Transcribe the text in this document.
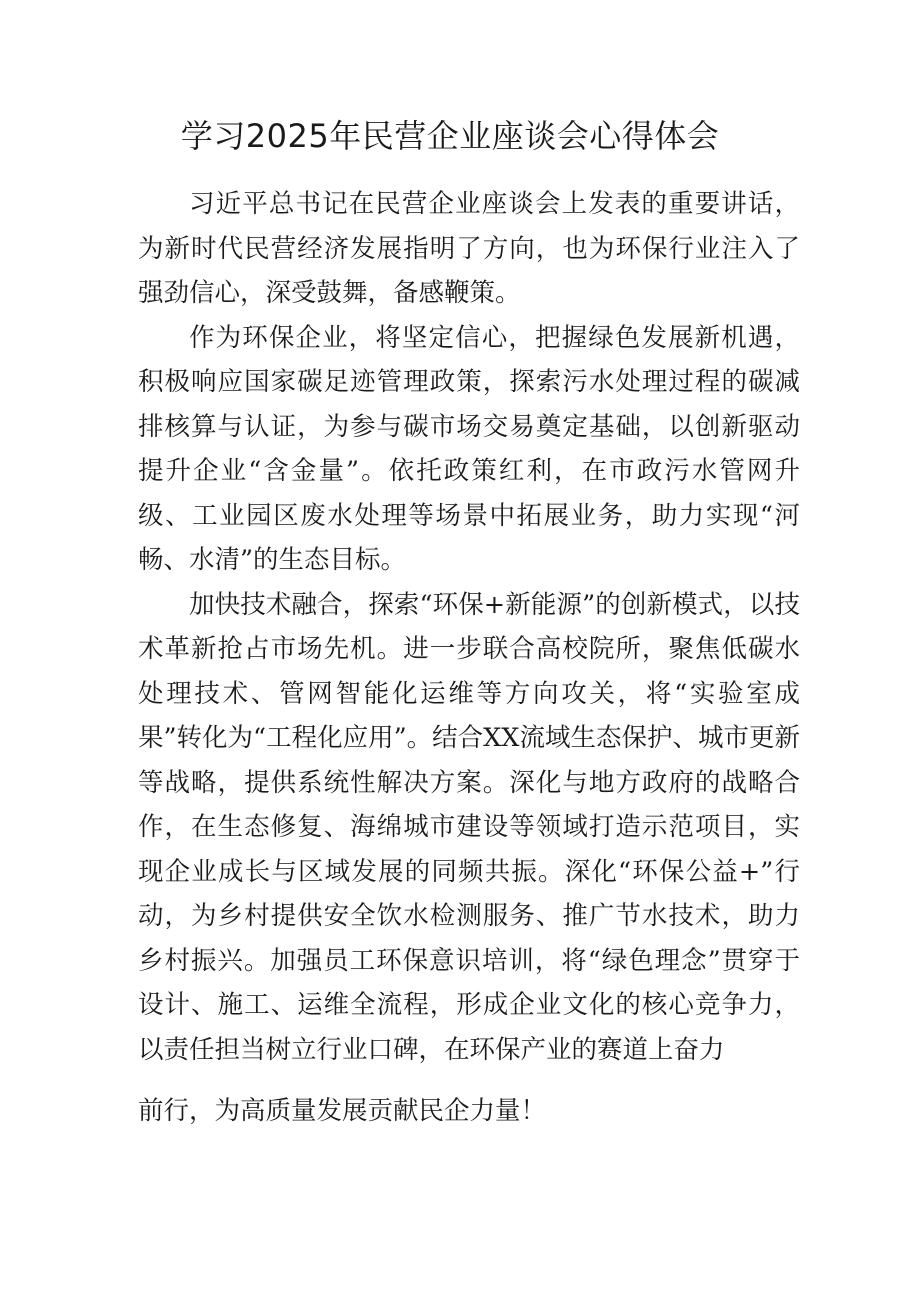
学习2025年民营企业座谈会心得体会

习近平总书记在民营企业座谈会上发表的重要讲话，为新时代民营经济发展指明了方向，也为环保行业注入了强劲信心，深受鼓舞，备感鞭策。

作为环保企业，将坚定信心，把握绿色发展新机遇，积极响应国家碳足迹管理政策，探索污水处理过程的碳减排核算与认证，为参与碳市场交易奠定基础，以创新驱动提升企业“含金量”。依托政策红利，在市政污水管网升级、工业园区废水处理等场景中拓展业务，助力实现“河畅、水清”的生态目标。

加快技术融合，探索“环保+新能源”的创新模式，以技术革新抢占市场先机。进一步联合高校院所，聚焦低碳水处理技术、管网智能化运维等方向攻关，将“实验室成果”转化为“工程化应用”。结合XX流域生态保护、城市更新等战略，提供系统性解决方案。深化与地方政府的战略合作，在生态修复、海绵城市建设等领域打造示范项目，实现企业成长与区域发展的同频共振。深化“环保公益+”行动，为乡村提供安全饮水检测服务、推广节水技术，助力乡村振兴。加强员工环保意识培训，将“绿色理念”贯穿于设计、施工、运维全流程，形成企业文化的核心竞争力，以责任担当树立行业口碑，在环保产业的赛道上奋力

前行，为高质量发展贡献民企力量！
